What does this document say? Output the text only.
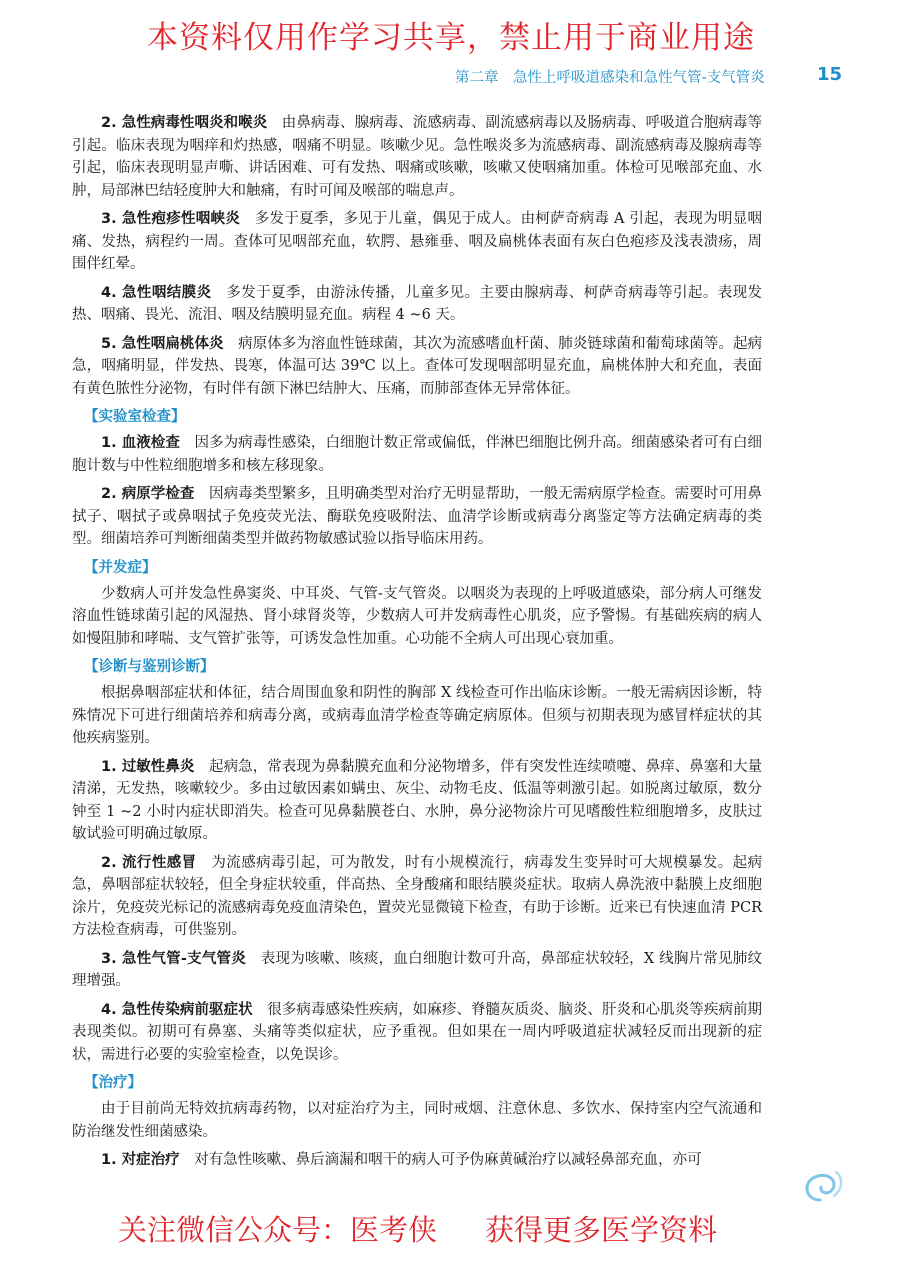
本资料仅用作学习共享，禁止用于商业用途
第二章　急性上呼吸道感染和急性气管-支气管炎	15

2. 急性病毒性咽炎和喉炎　 由鼻病毒、腺病毒、流感病毒、副流感病毒以及肠病毒、呼吸道合胞病毒等引起。临床表现为咽痒和灼热感，咽痛不明显。咳嗽少见。急性喉炎多为流感病毒、副流感病毒及腺病毒等引起，临床表现明显声嘶、讲话困难、可有发热、咽痛或咳嗽，咳嗽又使咽痛加重。体检可见喉部充血、水肿，局部淋巴结轻度肿大和触痛，有时可闻及喉部的喘息声。

3. 急性疱疹性咽峡炎　 多发于夏季，多见于儿童，偶见于成人。由柯萨奇病毒 A 引起，表现为明显咽痛、发热，病程约一周。查体可见咽部充血，软腭、悬雍垂、咽及扁桃体表面有灰白色疱疹及浅表溃疡，周围伴红晕。

4. 急性咽结膜炎　 多发于夏季，由游泳传播，儿童多见。主要由腺病毒、柯萨奇病毒等引起。表现发热、咽痛、畏光、流泪、咽及结膜明显充血。病程 4 ~6 天。

5. 急性咽扁桃体炎　 病原体多为溶血性链球菌，其次为流感嗜血杆菌、肺炎链球菌和葡萄球菌等。起病急，咽痛明显，伴发热、畏寒，体温可达 39℃ 以上。查体可发现咽部明显充血，扁桃体肿大和充血，表面有黄色脓性分泌物，有时伴有颌下淋巴结肿大、压痛，而肺部查体无异常体征。

【实验室检查】

1. 血液检查　 因多为病毒性感染，白细胞计数正常或偏低，伴淋巴细胞比例升高。细菌感染者可有白细胞计数与中性粒细胞增多和核左移现象。

2. 病原学检查　 因病毒类型繁多，且明确类型对治疗无明显帮助，一般无需病原学检查。需要时可用鼻拭子、咽拭子或鼻咽拭子免疫荧光法、酶联免疫吸附法、血清学诊断或病毒分离鉴定等方法确定病毒的类型。细菌培养可判断细菌类型并做药物敏感试验以指导临床用药。

【并发症】

少数病人可并发急性鼻窦炎、中耳炎、气管-支气管炎。以咽炎为表现的上呼吸道感染，部分病人可继发溶血性链球菌引起的风湿热、肾小球肾炎等，少数病人可并发病毒性心肌炎，应予警惕。有基础疾病的病人如慢阻肺和哮喘、支气管扩张等，可诱发急性加重。心功能不全病人可出现心衰加重。

【诊断与鉴别诊断】

根据鼻咽部症状和体征，结合周围血象和阴性的胸部 X 线检查可作出临床诊断。一般无需病因诊断，特殊情况下可进行细菌培养和病毒分离，或病毒血清学检查等确定病原体。但须与初期表现为感冒样症状的其他疾病鉴别。

1. 过敏性鼻炎　 起病急，常表现为鼻黏膜充血和分泌物增多，伴有突发性连续喷嚏、鼻痒、鼻塞和大量清涕，无发热，咳嗽较少。多由过敏因素如螨虫、灰尘、动物毛皮、低温等刺激引起。如脱离过敏原，数分钟至 1 ~2 小时内症状即消失。检查可见鼻黏膜苍白、水肿，鼻分泌物涂片可见嗜酸性粒细胞增多，皮肤过敏试验可明确过敏原。

2. 流行性感冒　 为流感病毒引起，可为散发，时有小规模流行，病毒发生变异时可大规模暴发。起病急，鼻咽部症状较轻，但全身症状较重，伴高热、全身酸痛和眼结膜炎症状。取病人鼻洗液中黏膜上皮细胞涂片，免疫荧光标记的流感病毒免疫血清染色，置荧光显微镜下检查，有助于诊断。近来已有快速血清 PCR 方法检查病毒，可供鉴别。

3. 急性气管-支气管炎　 表现为咳嗽、咳痰，血白细胞计数可升高，鼻部症状较轻，X 线胸片常见肺纹理增强。

4. 急性传染病前驱症状　 很多病毒感染性疾病，如麻疹、脊髓灰质炎、脑炎、肝炎和心肌炎等疾病前期表现类似。初期可有鼻塞、头痛等类似症状，应予重视。但如果在一周内呼吸道症状减轻反而出现新的症状，需进行必要的实验室检查，以免误诊。

【治疗】

由于目前尚无特效抗病毒药物，以对症治疗为主，同时戒烟、注意休息、多饮水、保持室内空气流通和防治继发性细菌感染。

1. 对症治疗　 对有急性咳嗽、鼻后滴漏和咽干的病人可予伪麻黄碱治疗以减轻鼻部充血，亦可

关注微信公众号：医考侠 获得更多医学资料
